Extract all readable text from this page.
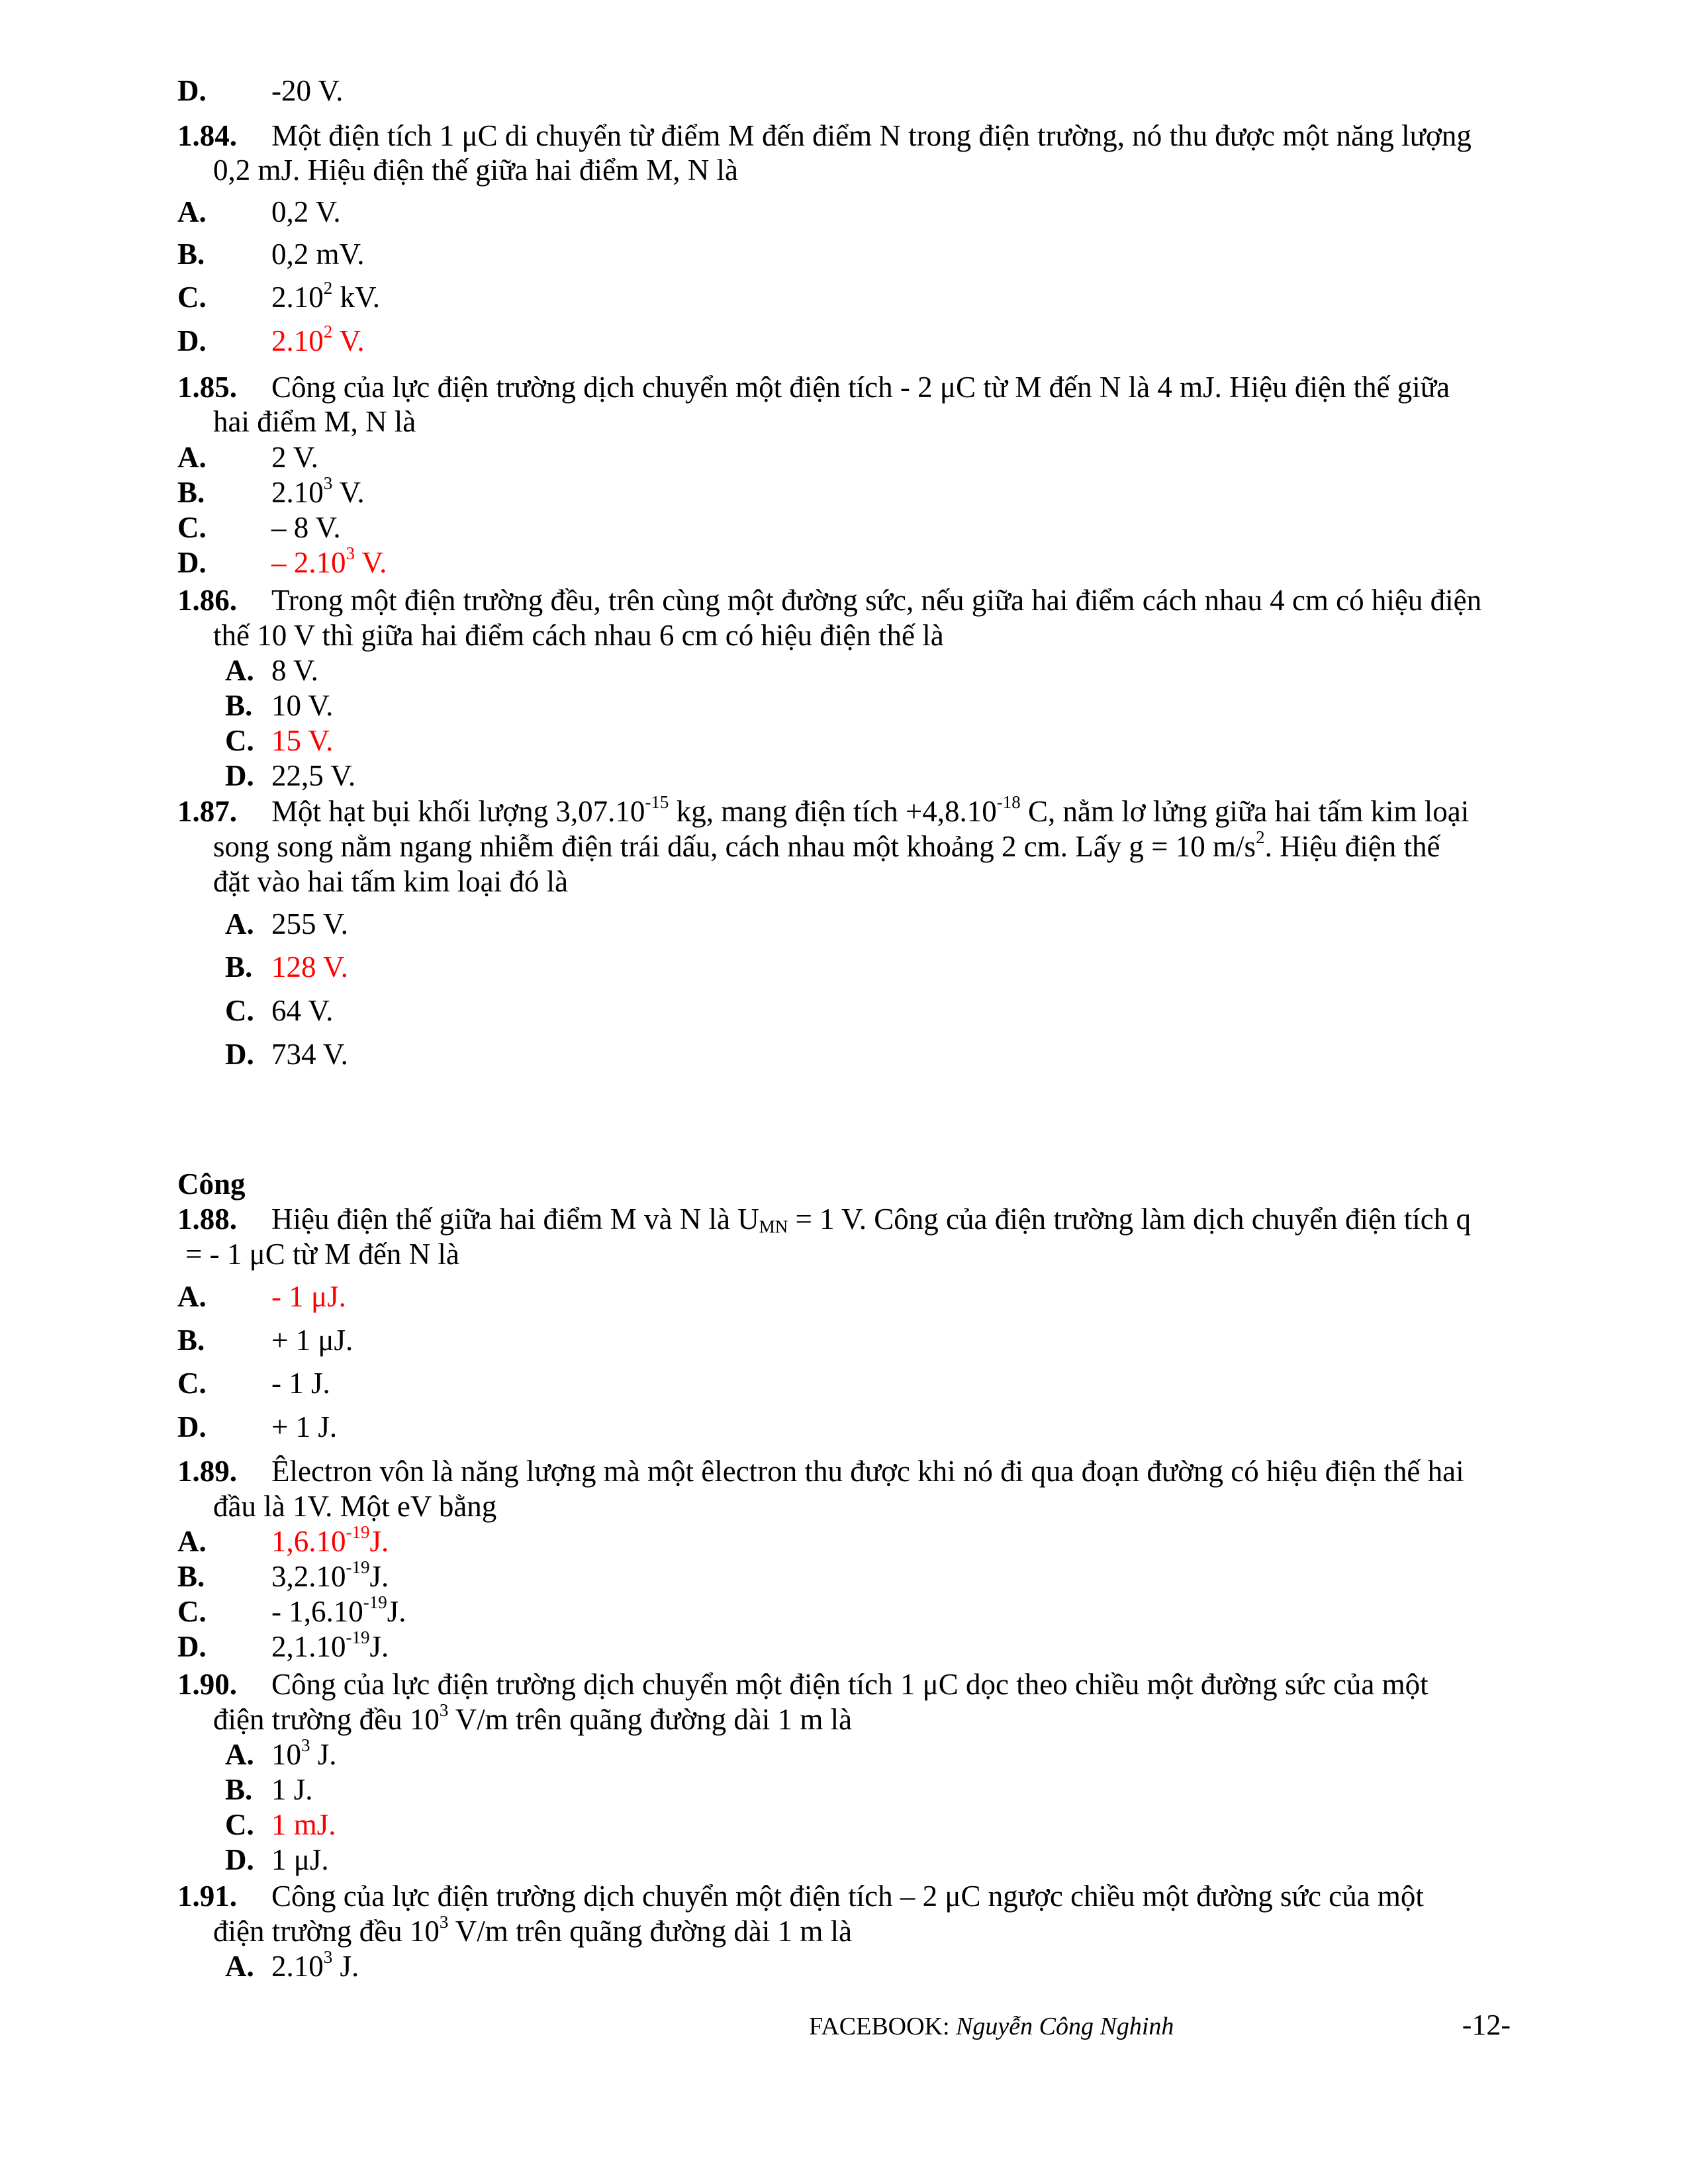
D. -20 V.
1.84. Một điện tích 1 μC di chuyển từ điểm M đến điểm N trong điện trường, nó thu được một năng lượng
0,2 mJ. Hiệu điện thế giữa hai điểm M, N là
A. 0,2 V.
B. 0,2 mV.
C. 2.10$^2$ kV.
D. 2.10$^2$ V.
1.85. Công của lực điện trường dịch chuyển một điện tích - 2 μC từ M đến N là 4 mJ. Hiệu điện thế giữa
hai điểm M, N là
A. 2 V.
B. 2.10$^3$ V.
C. – 8 V.
D. – 2.10$^3$ V.
1.86. Trong một điện trường đều, trên cùng một đường sức, nếu giữa hai điểm cách nhau 4 cm có hiệu điện
thế 10 V thì giữa hai điểm cách nhau 6 cm có hiệu điện thế là
A. 8 V.
B. 10 V.
C. 15 V.
D. 22,5 V.
1.87. Một hạt bụi khối lượng $3,07.10^{-15}$ kg, mang điện tích $+4,8.10^{-18}$ C, nằm lơ lửng giữa hai tấm kim loại
song song nằm ngang nhiễm điện trái dấu, cách nhau một khoảng 2 cm. Lấy g = 10 $m/s^2$. Hiệu điện thế
đặt vào hai tấm kim loại đó là
A. 255 V.
B. 128 V.
C. 64 V.
D. 734 V.
Công
1.88. Hiệu điện thế giữa hai điểm M và N là $U_{MN} = 1$ V. Công của điện trường làm dịch chuyển điện tích q
= - 1 μC từ M đến N là
A. - 1 μJ.
B. + 1 μJ.
C. - 1 J.
D. + 1 J.
1.89. Êlectron vôn là năng lượng mà một êlectron thu được khi nó đi qua đoạn đường có hiệu điện thế hai
đầu là 1V. Một eV bằng
A. $1,6.10^{-19}J$.
B. $3,2.10^{-19}J$.
C. - $1,6.10^{-19}J$.
D. $2,1.10^{-19}J$.
1.90. Công của lực điện trường dịch chuyển một điện tích 1 μC dọc theo chiều một đường sức của một
điện trường đều $10^3$ V/m trên quãng đường dài 1 m là
A. $10^3$ J.
B. 1 J.
C. 1 mJ.
D. 1 μJ.
1.91. Công của lực điện trường dịch chuyển một điện tích – 2 μC ngược chiều một đường sức của một
điện trường đều $10^3$ V/m trên quãng đường dài 1 m là
A. 2.10$^3$ J.
FACEBOOK: Nguyễn Công Nghinh	-12-
